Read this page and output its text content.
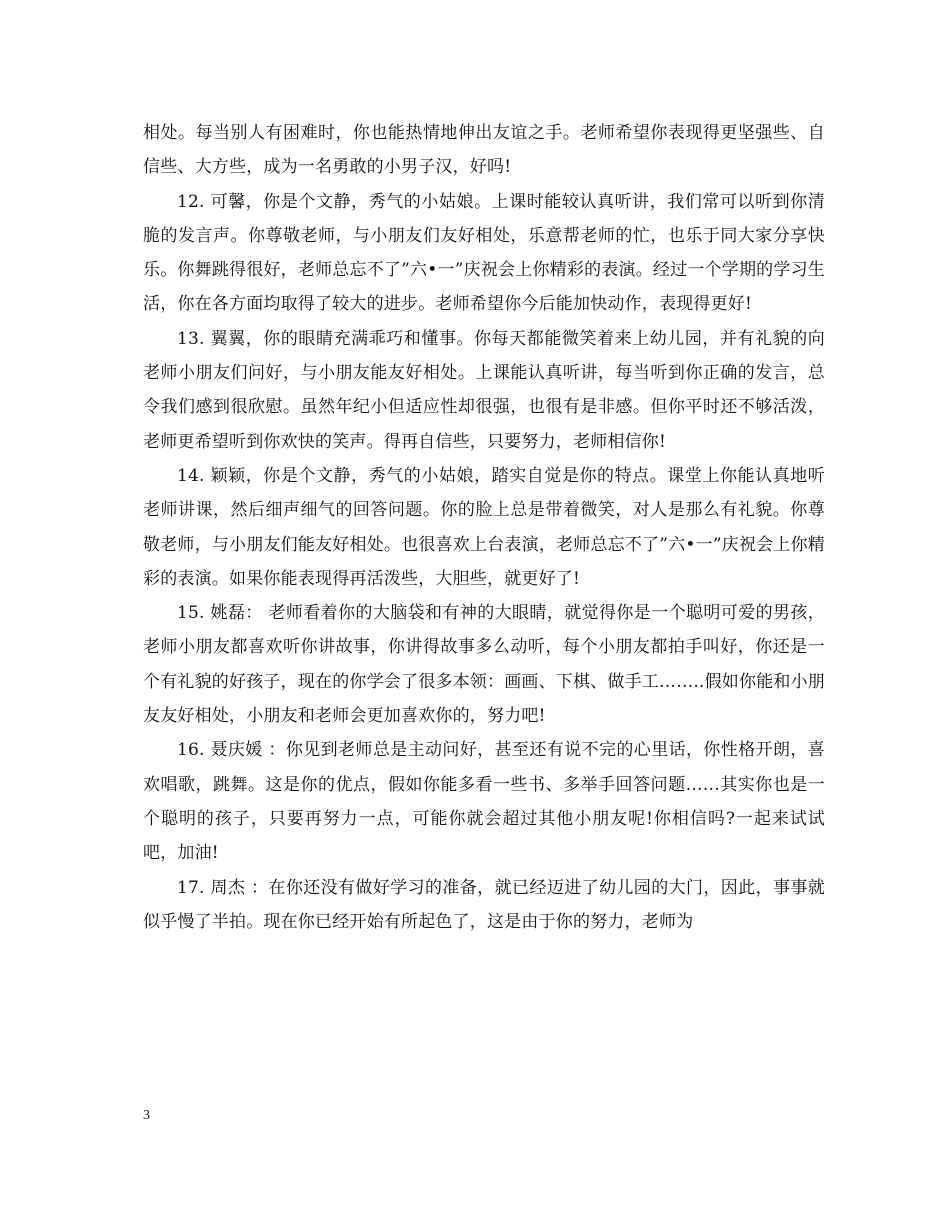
相处。每当别人有困难时，你也能热情地伸出友谊之手。老师希望你表现得更坚强些、自信些、大方些，成为一名勇敢的小男子汉，好吗!

12. 可馨，你是个文静，秀气的小姑娘。上课时能较认真听讲，我们常可以听到你清脆的发言声。你尊敬老师，与小朋友们友好相处，乐意帮老师的忙，也乐于同大家分享快乐。你舞跳得很好，老师总忘不了”六•一”庆祝会上你精彩的表演。经过一个学期的学习生活，你在各方面均取得了较大的进步。老师希望你今后能加快动作，表现得更好!

13. 翼翼，你的眼睛充满乖巧和懂事。你每天都能微笑着来上幼儿园，并有礼貌的向老师小朋友们问好，与小朋友能友好相处。上课能认真听讲，每当听到你正确的发言，总令我们感到很欣慰。虽然年纪小但适应性却很强，也很有是非感。但你平时还不够活泼，老师更希望听到你欢快的笑声。得再自信些，只要努力，老师相信你!

14. 颖颖，你是个文静，秀气的小姑娘，踏实自觉是你的特点。课堂上你能认真地听老师讲课，然后细声细气的回答问题。你的脸上总是带着微笑，对人是那么有礼貌。你尊敬老师，与小朋友们能友好相处。也很喜欢上台表演，老师总忘不了”六•一”庆祝会上你精彩的表演。如果你能表现得再活泼些，大胆些，就更好了!

15. 姚磊： 老师看着你的大脑袋和有神的大眼睛，就觉得你是一个聪明可爱的男孩，老师小朋友都喜欢听你讲故事，你讲得故事多么动听，每个小朋友都拍手叫好，你还是一个有礼貌的好孩子，现在的你学会了很多本领：画画、下棋、做手工……..假如你能和小朋友友好相处，小朋友和老师会更加喜欢你的，努力吧!

16. 聂庆媛 ：你见到老师总是主动问好，甚至还有说不完的心里话，你性格开朗，喜欢唱歌，跳舞。这是你的优点，假如你能多看一些书、多举手回答问题……其实你也是一个聪明的孩子，只要再努力一点，可能你就会超过其他小朋友呢!你相信吗?一起来试试吧，加油!

17. 周杰 ：在你还没有做好学习的准备，就已经迈进了幼儿园的大门，因此，事事就似乎慢了半拍。现在你已经开始有所起色了，这是由于你的努力，老师为

3
